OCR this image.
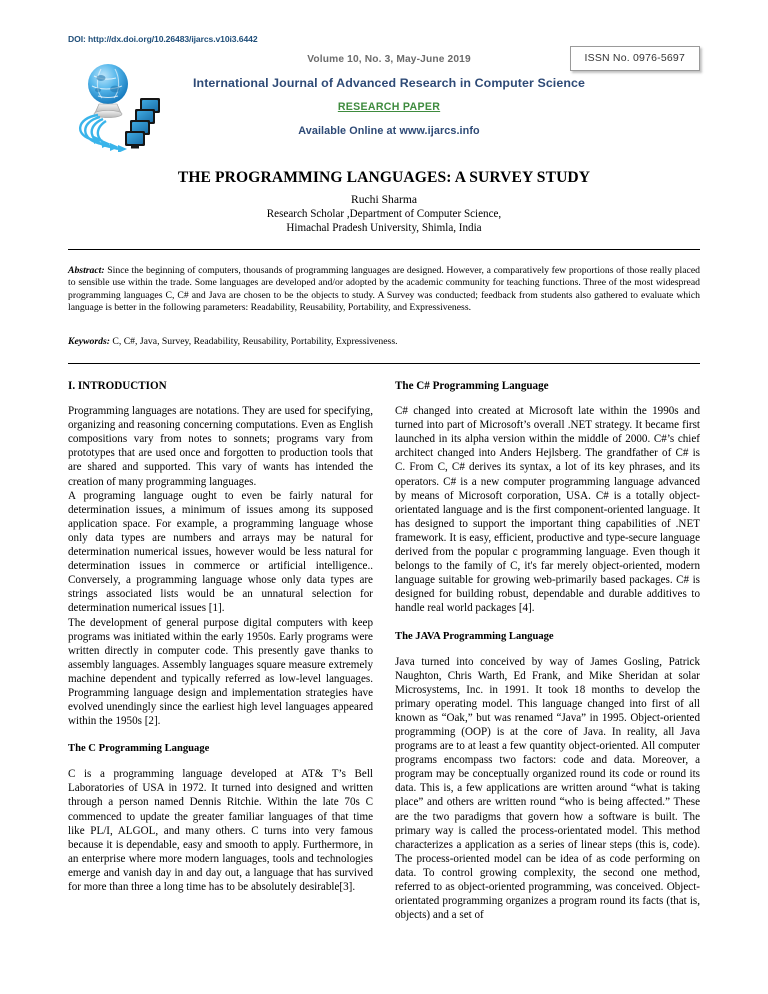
DOI: http://dx.doi.org/10.26483/ijarcs.v10i3.6442
ISSN No. 0976-5697
Volume 10, No. 3, May-June 2019
International Journal of Advanced Research in Computer Science
RESEARCH PAPER
Available Online at www.ijarcs.info
THE PROGRAMMING LANGUAGES: A SURVEY STUDY
Ruchi Sharma
Research Scholar ,Department of Computer Science,
Himachal Pradesh University, Shimla, India

Abstract: Since the beginning of computers, thousands of programming languages are designed. However, a comparatively few proportions of those really placed to sensible use within the trade. Some languages are developed and/or adopted by the academic community for teaching functions. Three of the most widespread programming languages C, C# and Java are chosen to be the objects to study. A Survey was conducted; feedback from students also gathered to evaluate which language is better in the following parameters: Readability, Reusability, Portability, and Expressiveness.

Keywords: C, C#, Java, Survey, Readability, Reusability, Portability, Expressiveness.

I. INTRODUCTION

Programming languages are notations. They are used for specifying, organizing and reasoning concerning computations. Even as English compositions vary from notes to sonnets; programs vary from prototypes that are used once and forgotten to production tools that are shared and supported. This vary of wants has intended the creation of many programming languages.

A programing language ought to even be fairly natural for determination issues, a minimum of issues among its supposed application space. For example, a programming language whose only data types are numbers and arrays may be natural for determination numerical issues, however would be less natural for determination issues in commerce or artificial intelligence.. Conversely, a programming language whose only data types are strings associated lists would be an unnatural selection for determination numerical issues [1].

The development of general purpose digital computers with keep programs was initiated within the early 1950s. Early programs were written directly in computer code. This presently gave thanks to assembly languages. Assembly languages square measure extremely machine dependent and typically referred as low-level languages. Programming language design and implementation strategies have evolved unendingly since the earliest high level languages appeared within the 1950s [2].

The C Programming Language

C is a programming language developed at AT& T’s Bell Laboratories of USA in 1972. It turned into designed and written through a person named Dennis Ritchie. Within the late 70s C commenced to update the greater familiar languages of that time like PL/I, ALGOL, and many others. C turns into very famous because it is dependable, easy and smooth to apply. Furthermore, in an enterprise where more modern languages, tools and technologies emerge and vanish day in and day out, a language that has survived for more than three a long time has to be absolutely desirable[3].

The C# Programming Language

C# changed into created at Microsoft late within the 1990s and turned into part of Microsoft’s overall .NET strategy. It became first launched in its alpha version within the middle of 2000. C#’s chief architect changed into Anders Hejlsberg. The grandfather of C# is C. From C, C# derives its syntax, a lot of its key phrases, and its operators. C# is a new computer programming language advanced by means of Microsoft corporation, USA. C# is a totally object-orientated language and is the first component-oriented language. It has designed to support the important thing capabilities of .NET framework. It is easy, efficient, productive and type-secure language derived from the popular c programming language. Even though it belongs to the family of C, it's far merely object-oriented, modern language suitable for growing web-primarily based packages. C# is designed for building robust, dependable and durable additives to handle real world packages [4].

The JAVA Programming Language

Java turned into conceived by way of James Gosling, Patrick Naughton, Chris Warth, Ed Frank, and Mike Sheridan at solar Microsystems, Inc. in 1991. It took 18 months to develop the primary operating model. This language changed into first of all known as “Oak,” but was renamed “Java” in 1995. Object-oriented programming (OOP) is at the core of Java. In reality, all Java programs are to at least a few quantity object-oriented. All computer programs encompass two factors: code and data. Moreover, a program may be conceptually organized round its code or round its data. This is, a few applications are written around “what is taking place” and others are written round “who is being affected.” These are the two paradigms that govern how a software is built. The primary way is called the process-orientated model. This method characterizes a application as a series of linear steps (this is, code). The process-oriented model can be idea of as code performing on data. To control growing complexity, the second one method, referred to as object-oriented programming, was conceived. Object-orientated programming organizes a program round its facts (that is, objects) and a set of
